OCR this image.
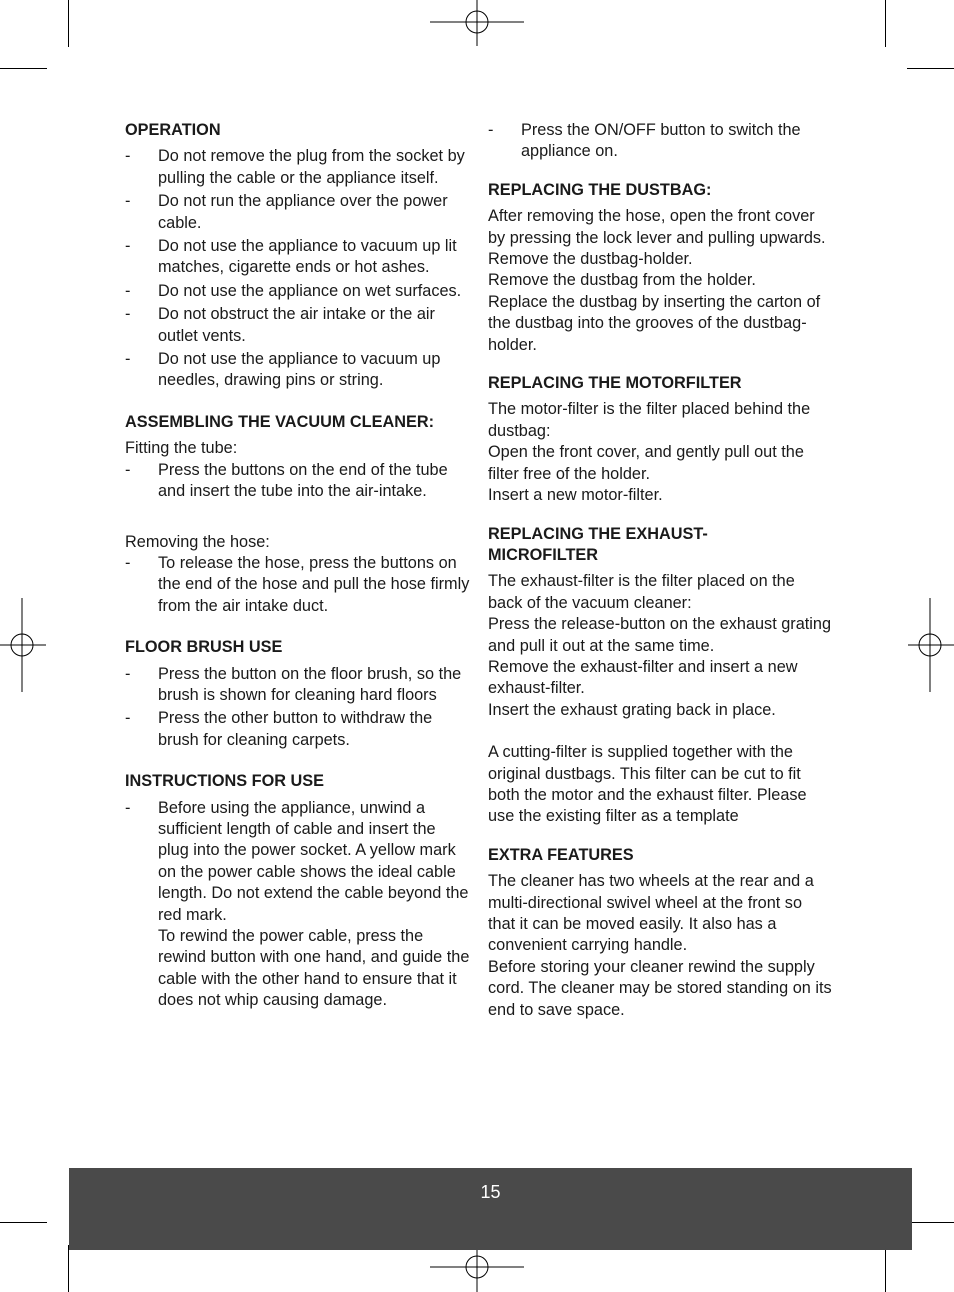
OPERATION
- Do not remove the plug from the socket by pulling the cable or the appliance itself.
- Do not run the appliance over the power cable.
- Do not use the appliance to vacuum up lit matches, cigarette ends or hot ashes.
- Do not use the appliance on wet surfaces.
- Do not obstruct the air intake or the air outlet vents.
- Do not use the appliance to vacuum up needles, drawing pins or string.
ASSEMBLING THE VACUUM CLEANER:

Fitting the tube:

- Press the buttons on the end of the tube and insert the tube into the air-intake.

Removing the hose:

- To release the hose, press the buttons on the end of the hose and pull the hose firmly from the air intake duct.
FLOOR BRUSH USE
- Press the button on the floor brush, so the brush is shown for cleaning hard floors
- Press the other button to withdraw the brush for cleaning carpets.
INSTRUCTIONS FOR USE
- Before using the appliance, unwind a sufficient length of cable and insert the plug into the power socket. A yellow mark on the power cable shows the ideal cable length. Do not extend the cable beyond the red mark.
To rewind the power cable, press the rewind button with one hand, and guide the cable with the other hand to ensure that it does not whip causing damage.
- Press the ON/OFF button to switch the appliance on.
REPLACING THE DUSTBAG:

After removing the hose, open the front cover by pressing the lock lever and pulling upwards.

Remove the dustbag-holder.

Remove the dustbag from the holder.

Replace the dustbag by inserting the carton of the dustbag into the grooves of the dustbag-holder.

REPLACING THE MOTORFILTER

The motor-filter is the filter placed behind the dustbag:

Open the front cover, and gently pull out the filter free of the holder.

Insert a new motor-filter.

REPLACING THE EXHAUST-
MICROFILTER

The exhaust-filter is the filter placed on the back of the vacuum cleaner:

Press the release-button on the exhaust grating and pull it out at the same time.

Remove the exhaust-filter and insert a new exhaust-filter.

Insert the exhaust grating back in place.

A cutting-filter is supplied together with the original dustbags. This filter can be cut to fit both the motor and the exhaust filter. Please use the existing filter as a template

EXTRA FEATURES

The cleaner has two wheels at the rear and a multi-directional swivel wheel at the front so that it can be moved easily. It also has a convenient carrying handle.

Before storing your cleaner rewind the supply cord. The cleaner may be stored standing on its end to save space.

15
